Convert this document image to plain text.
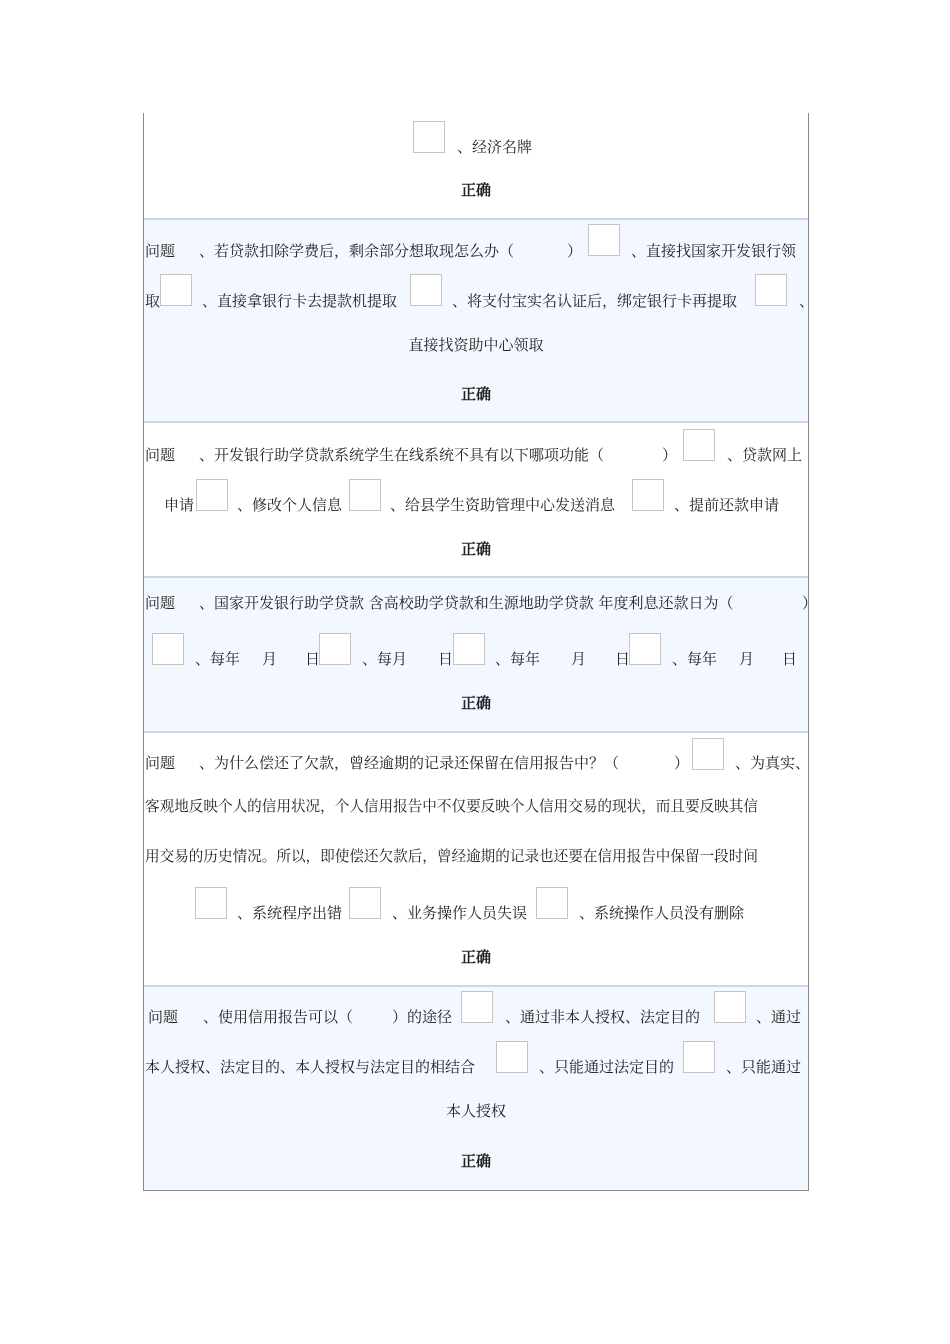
、经济名牌
正确
问题 、若贷款扣除学费后，剩余部分想取现怎么办（	）	、直接找国家开发银行领
取	、直接拿银行卡去提款机提取	、将支付宝实名认证后，绑定银行卡再提取	、
直接找资助中心领取
正确
问题 、开发银行助学贷款系统学生在线系统不具有以下哪项功能（	）	、贷款网上
申请	、修改个人信息	、给县学生资助管理中心发送消息	、提前还款申请
正确
问题 、国家开发银行助学贷款 含高校助学贷款和生源地助学贷款 年度利息还款日为（	）
、每年 月 日	、每月 日	、每年 月 日	、每年 月 日
正确
问题 、为什么偿还了欠款，曾经逾期的记录还保留在信用报告中？（	）	、为真实、
客观地反映个人的信用状况，个人信用报告中不仅要反映个人信用交易的现状，而且要反映其信
用交易的历史情况。所以，即使偿还欠款后，曾经逾期的记录也还要在信用报告中保留一段时间
、系统程序出错	、业务操作人员失误	、系统操作人员没有删除
正确
问题 、使用信用报告可以（	）的途径	、通过非本人授权、法定目的	、通过
本人授权、法定目的、本人授权与法定目的相结合	、只能通过法定目的	、只能通过
本人授权
正确
